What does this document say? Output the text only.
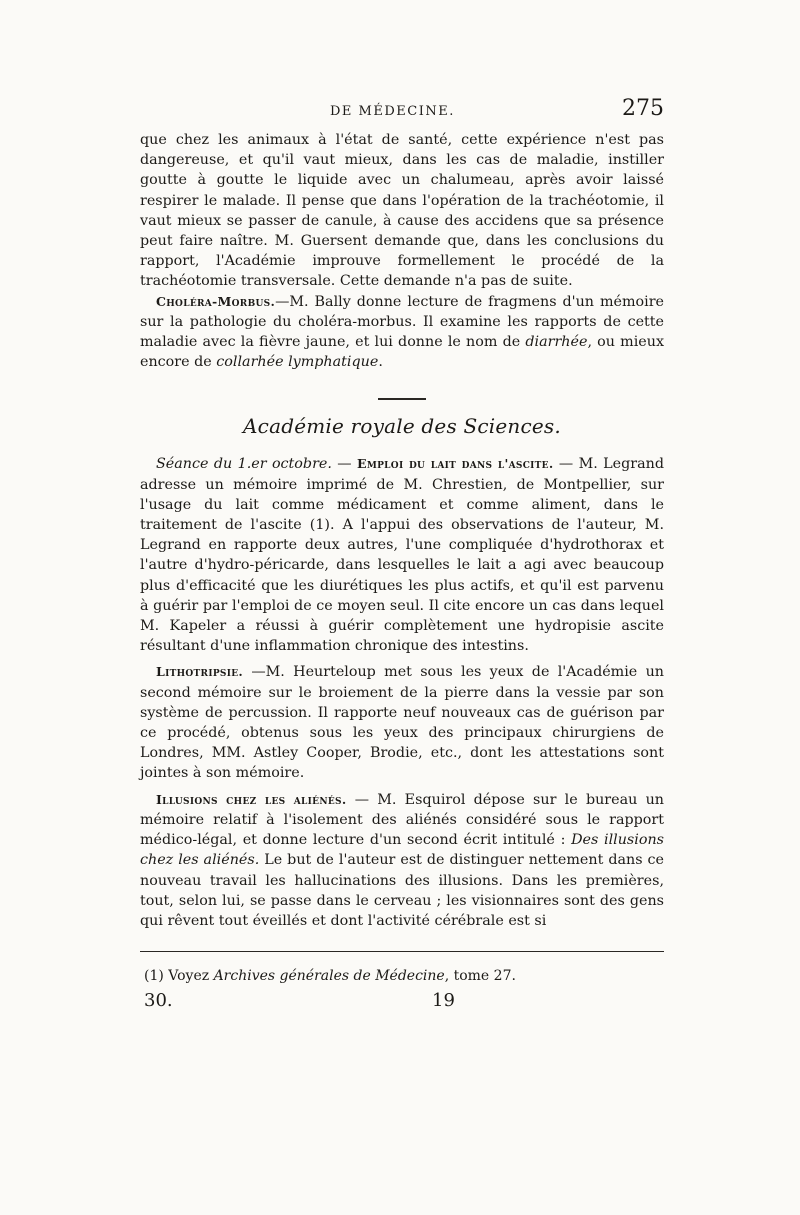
DE MÉDECINE.	275

que chez les animaux à l'état de santé, cette expérience n'est pas dangereuse, et qu'il vaut mieux, dans les cas de maladie, instiller goutte à goutte le liquide avec un chalumeau, après avoir laissé respirer le malade. Il pense que dans l'opération de la trachéotomie, il vaut mieux se passer de canule, à cause des accidens que sa présence peut faire naître. M. Guersent demande que, dans les conclusions du rapport, l'Académie improuve formellement le procédé de la trachéotomie transversale. Cette demande n'a pas de suite.

Choléra-Morbus.—M. Bally donne lecture de fragmens d'un mémoire sur la pathologie du choléra-morbus. Il examine les rapports de cette maladie avec la fièvre jaune, et lui donne le nom de diarrhée, ou mieux encore de collarhée lymphatique.

Académie royale des Sciences.

Séance du 1.er octobre. — Emploi du lait dans l'ascite. — M. Legrand adresse un mémoire imprimé de M. Chrestien, de Montpellier, sur l'usage du lait comme médicament et comme aliment, dans le traitement de l'ascite (1). A l'appui des observations de l'auteur, M. Legrand en rapporte deux autres, l'une compliquée d'hydrothorax et l'autre d'hydro-péricarde, dans lesquelles le lait a agi avec beaucoup plus d'efficacité que les diurétiques les plus actifs, et qu'il est parvenu à guérir par l'emploi de ce moyen seul. Il cite encore un cas dans lequel M. Kapeler a réussi à guérir complètement une hydropisie ascite résultant d'une inflammation chronique des intestins.

Lithotripsie. —M. Heurteloup met sous les yeux de l'Académie un second mémoire sur le broiement de la pierre dans la vessie par son système de percussion. Il rapporte neuf nouveaux cas de guérison par ce procédé, obtenus sous les yeux des principaux chirurgiens de Londres, MM. Astley Cooper, Brodie, etc., dont les attestations sont jointes à son mémoire.

Illusions chez les aliénés. — M. Esquirol dépose sur le bureau un mémoire relatif à l'isolement des aliénés considéré sous le rapport médico-légal, et donne lecture d'un second écrit intitulé : Des illusions chez les aliénés. Le but de l'auteur est de distinguer nettement dans ce nouveau travail les hallucinations des illusions. Dans les premières, tout, selon lui, se passe dans le cerveau ; les visionnaires sont des gens qui rêvent tout éveillés et dont l'activité cérébrale est si

(1) Voyez Archives générales de Médecine, tome 27.

30.	19
